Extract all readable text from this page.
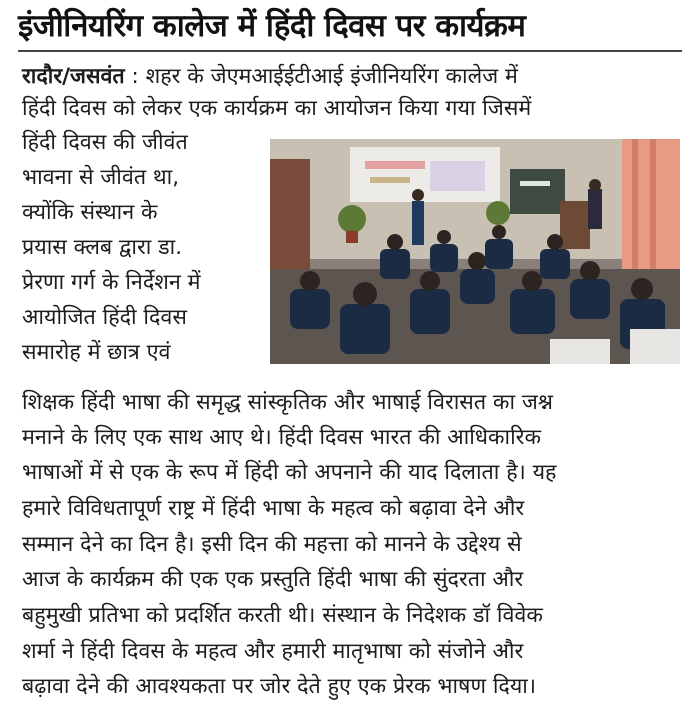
इंजीनियरिंग कालेज में हिंदी दिवस पर कार्यक्रम
रादौर/जसवंत : शहर के जेएमआईईटीआई इंजीनियरिंग कालेज में
हिंदी दिवस को लेकर एक कार्यक्रम का आयोजन किया गया जिसमें
हिंदी दिवस की जीवंत
भावना से जीवंत था,
क्योंकि संस्थान के
प्रयास क्लब द्वारा डा.
प्रेरणा गर्ग के निर्देशन में
आयोजित हिंदी दिवस
समारोह में छात्र एवं
शिक्षक हिंदी भाषा की समृद्ध सांस्कृतिक और भाषाई विरासत का जश्न
मनाने के लिए एक साथ आए थे। हिंदी दिवस भारत की आधिकारिक
भाषाओं में से एक के रूप में हिंदी को अपनाने की याद दिलाता है। यह
हमारे विविधतापूर्ण राष्ट्र में हिंदी भाषा के महत्व को बढ़ावा देने और
सम्मान देने का दिन है। इसी दिन की महत्ता को मानने के उद्देश्य से
आज के कार्यक्रम की एक एक प्रस्तुति हिंदी भाषा की सुंदरता और
बहुमुखी प्रतिभा को प्रदर्शित करती थी। संस्थान के निदेशक डॉ विवेक
शर्मा ने हिंदी दिवस के महत्व और हमारी मातृभाषा को संजोने और
बढ़ावा देने की आवश्यकता पर जोर देते हुए एक प्रेरक भाषण दिया।
